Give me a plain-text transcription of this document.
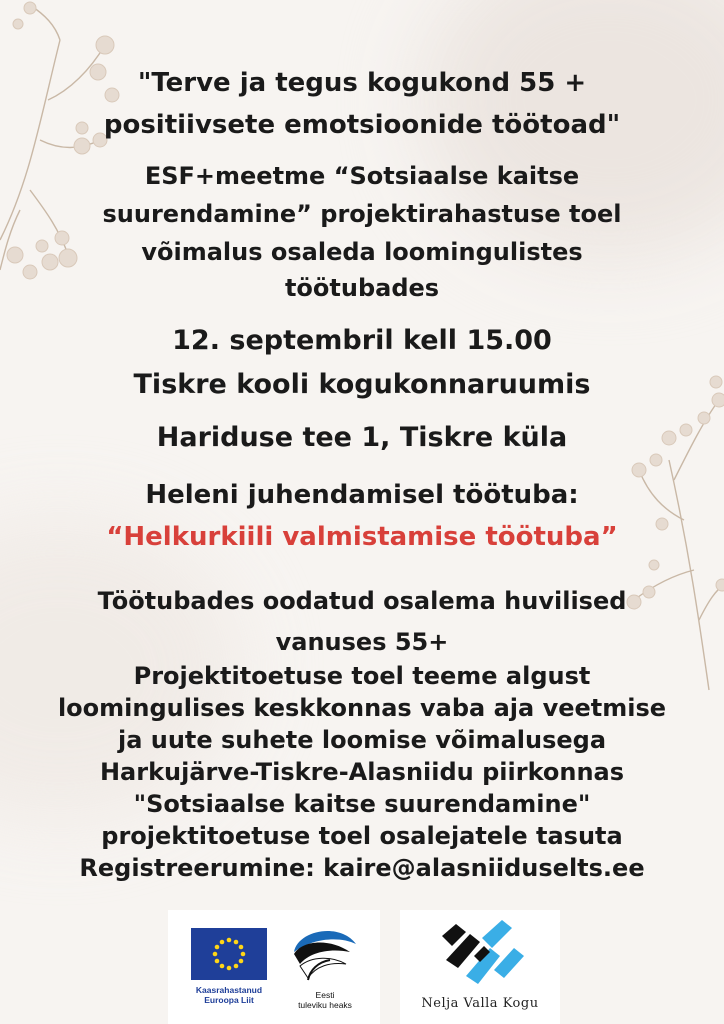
"Terve ja tegus kogukond 55 +
positiivsete emotsioonide töötoad"
ESF+meetme “Sotsiaalse kaitse
suurendamine” projektirahastuse toel
võimalus osaleda loomingulistes
töötubades
12. septembril kell 15.00
Tiskre kooli kogukonnaruumis
Hariduse tee 1, Tiskre küla
Heleni juhendamisel töötuba:
“Helkurkiili valmistamise töötuba”
Töötubades oodatud osalema huvilised
vanuses 55+
Projektitoetuse toel teeme algust
loomingulises keskkonnas vaba aja veetmise
ja uute suhete loomise võimalusega
Harkujärve-Tiskre-Alasniidu piirkonnas
"Sotsiaalse kaitse suurendamine"
projektitoetuse toel osalejatele tasuta
Registreerumine: kaire@alasniiduselts.ee
Kaasrahastanud
Euroopa Liit	Eesti
tuleviku heaks	Nelja Valla Kogu
